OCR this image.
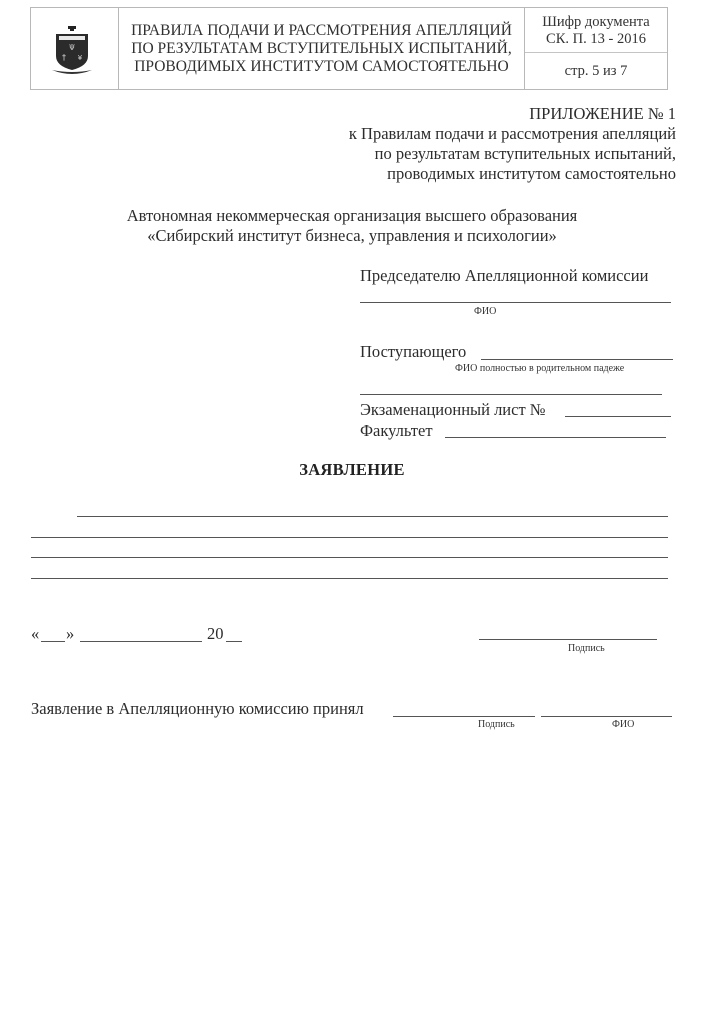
Ψ
† ¥
ПРАВИЛА ПОДАЧИ И РАССМОТРЕНИЯ АПЕЛЛЯЦИЙ
ПО РЕЗУЛЬТАТАМ ВСТУПИТЕЛЬНЫХ ИСПЫТАНИЙ,
ПРОВОДИМЫХ ИНСТИТУТОМ САМОСТОЯТЕЛЬНО
Шифр документа
СК. П. 13 - 2016
стр. 5 из 7
ПРИЛОЖЕНИЕ № 1
к Правилам подачи и рассмотрения апелляций
по результатам вступительных испытаний,
проводимых институтом самостоятельно
Автономная некоммерческая организация высшего образования
«Сибирский институт бизнеса, управления и психологии»
Председателю Апелляционной комиссии
ФИО
Поступающего
ФИО полностью в родительном падеже
Экзаменационный лист №
Факультет
ЗАЯВЛЕНИЕ
« »	20
Подпись
Заявление в Апелляционную комиссию принял
Подпись	ФИО
